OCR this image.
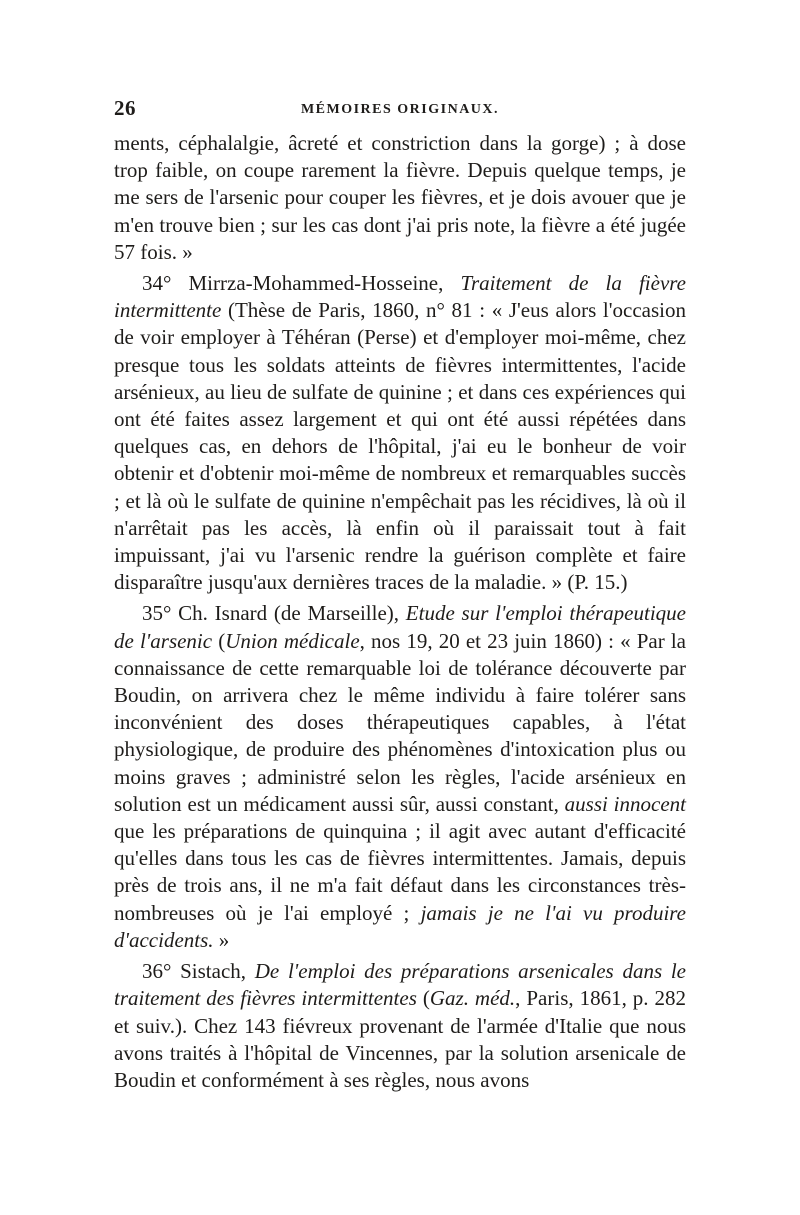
26	MÉMOIRES ORIGINAUX.

ments, céphalalgie, âcreté et constriction dans la gorge) ; à dose trop faible, on coupe rarement la fièvre. Depuis quelque temps, je me sers de l'arsenic pour couper les fièvres, et je dois avouer que je m'en trouve bien ; sur les cas dont j'ai pris note, la fièvre a été jugée 57 fois. »

34° Mirrza-Mohammed-Hosseine, Traitement de la fièvre intermittente (Thèse de Paris, 1860, n° 81 : « J'eus alors l'occasion de voir employer à Téhéran (Perse) et d'employer moi-même, chez presque tous les soldats atteints de fièvres intermittentes, l'acide arsénieux, au lieu de sulfate de quinine ; et dans ces expériences qui ont été faites assez largement et qui ont été aussi répétées dans quelques cas, en dehors de l'hôpital, j'ai eu le bonheur de voir obtenir et d'obtenir moi-même de nombreux et remarquables succès ; et là où le sulfate de quinine n'empêchait pas les récidives, là où il n'arrêtait pas les accès, là enfin où il paraissait tout à fait impuissant, j'ai vu l'arsenic rendre la guérison complète et faire disparaître jusqu'aux dernières traces de la maladie. » (P. 15.)

35° Ch. Isnard (de Marseille), Etude sur l'emploi thérapeutique de l'arsenic (Union médicale, nos 19, 20 et 23 juin 1860) : « Par la connaissance de cette remarquable loi de tolérance découverte par Boudin, on arrivera chez le même individu à faire tolérer sans inconvénient des doses thérapeutiques capables, à l'état physiologique, de produire des phénomènes d'intoxication plus ou moins graves ; administré selon les règles, l'acide arsénieux en solution est un médicament aussi sûr, aussi constant, aussi innocent que les préparations de quinquina ; il agit avec autant d'efficacité qu'elles dans tous les cas de fièvres intermittentes. Jamais, depuis près de trois ans, il ne m'a fait défaut dans les circonstances très-nombreuses où je l'ai employé ; jamais je ne l'ai vu produire d'accidents. »

36° Sistach, De l'emploi des préparations arsenicales dans le traitement des fièvres intermittentes (Gaz. méd., Paris, 1861, p. 282 et suiv.). Chez 143 fiévreux provenant de l'armée d'Italie que nous avons traités à l'hôpital de Vincennes, par la solution arsenicale de Boudin et conformément à ses règles, nous avons
